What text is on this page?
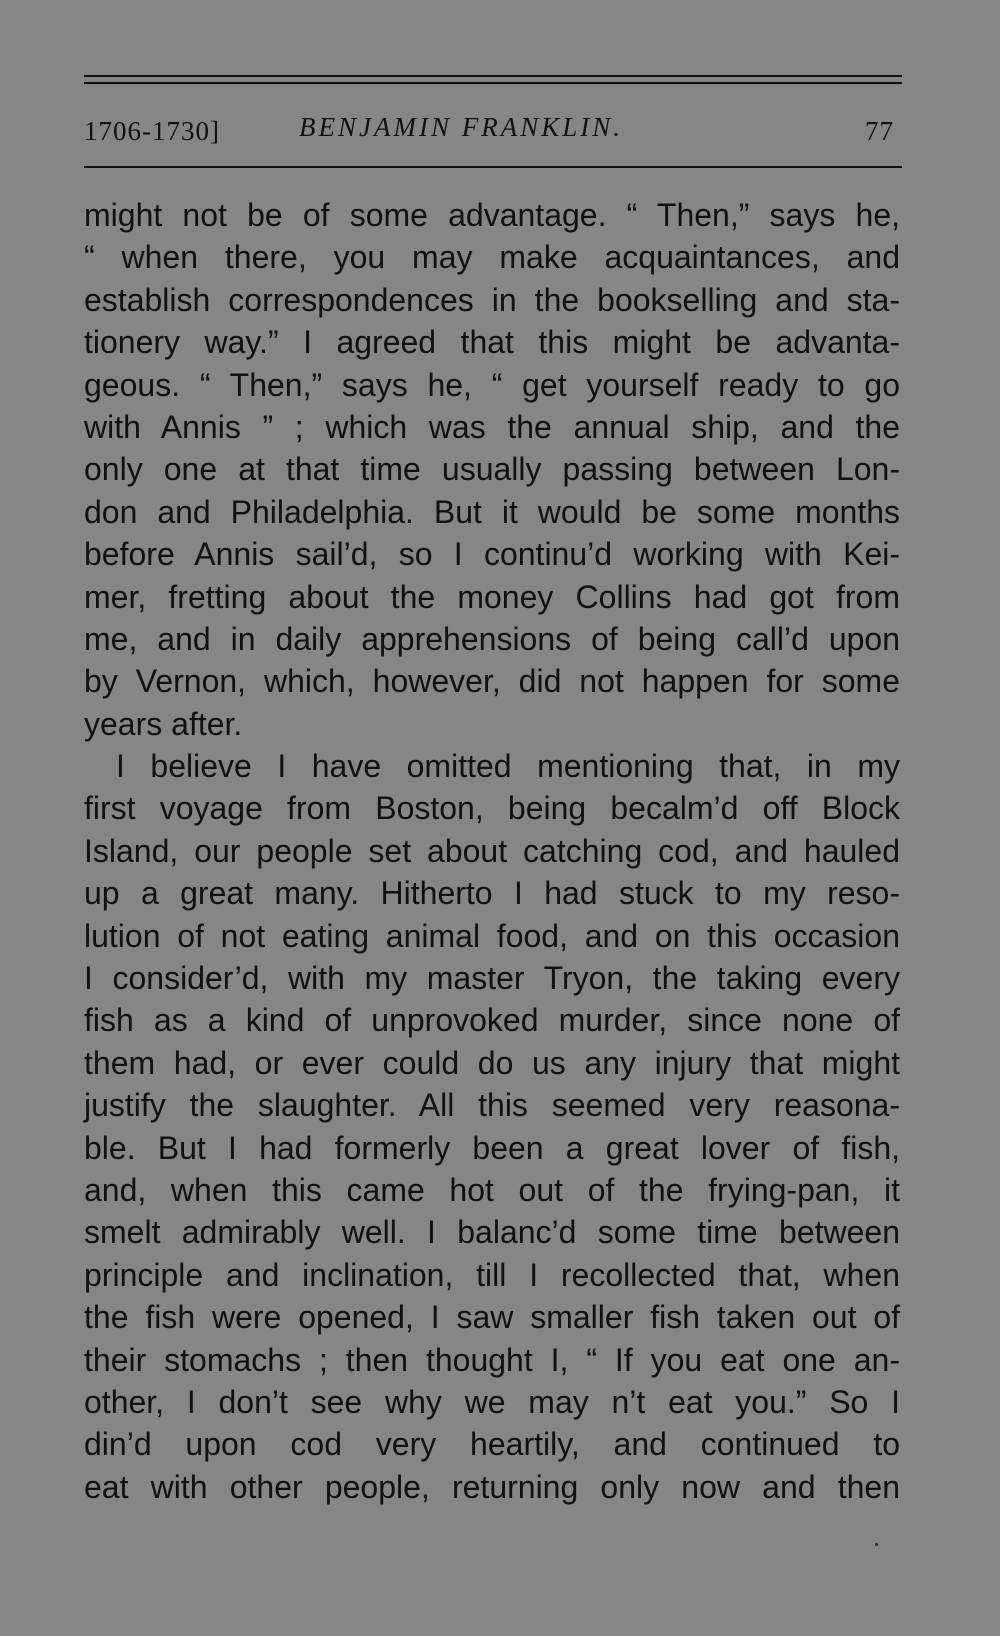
1706-1730]	BENJAMIN FRANKLIN.	77
might not be of some advantage. “ Then,” says he,
“ when there, you may make acquaintances, and
establish correspondences in the bookselling and sta-
tionery way.” I agreed that this might be advanta-
geous. “ Then,” says he, “ get yourself ready to go
with Annis ” ; which was the annual ship, and the
only one at that time usually passing between Lon-
don and Philadelphia. But it would be some months
before Annis sail’d, so I continu’d working with Kei-
mer, fretting about the money Collins had got from
me, and in daily apprehensions of being call’d upon
by Vernon, which, however, did not happen for some
years after.
I believe I have omitted mentioning that, in my
first voyage from Boston, being becalm’d off Block
Island, our people set about catching cod, and hauled
up a great many. Hitherto I had stuck to my reso-
lution of not eating animal food, and on this occasion
I consider’d, with my master Tryon, the taking every
fish as a kind of unprovoked murder, since none of
them had, or ever could do us any injury that might
justify the slaughter. All this seemed very reasona-
ble. But I had formerly been a great lover of fish,
and, when this came hot out of the frying-pan, it
smelt admirably well. I balanc’d some time between
principle and inclination, till I recollected that, when
the fish were opened, I saw smaller fish taken out of
their stomachs ; then thought I, “ If you eat one an-
other, I don’t see why we may n’t eat you.” So I
din’d upon cod very heartily, and continued to
eat with other people, returning only now and then
